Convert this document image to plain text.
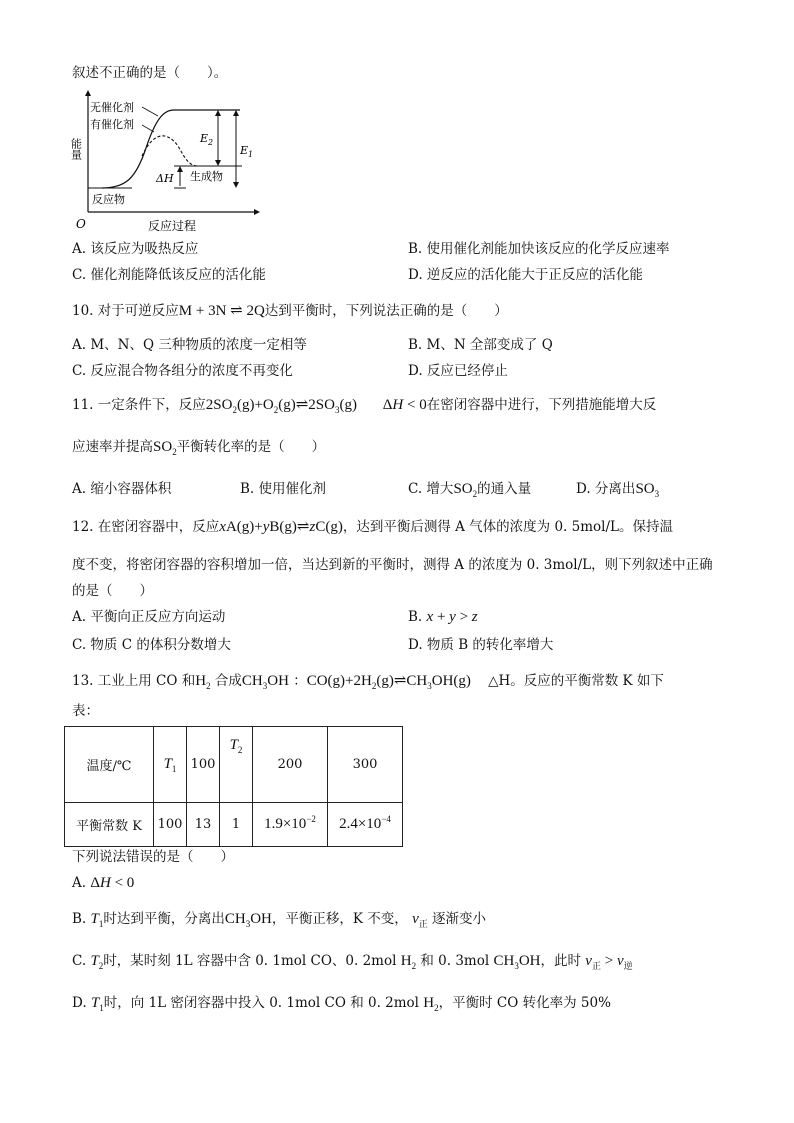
叙述不正确的是（　　）。
无催化剂
有催化剂
反应物
生成物
ΔH
$E_2$
$E_1$
O	反应过程
能量
A. 该反应为吸热反应	B. 使用催化剂能加快该反应的化学反应速率
C. 催化剂能降低该反应的活化能	D. 逆反应的活化能大于正反应的活化能
10. 对于可逆反应M + 3N ⇌ 2Q达到平衡时，下列说法正确的是（　　）
A. M、N、Q 三种物质的浓度一定相等	B. M、N 全部变成了 Q
C. 反应混合物各组分的浓度不再变化	D. 反应已经停止
11. 一定条件下，反应$2SO_2(g)+O_2(g)\rightleftharpoons 2SO_3(g) \Delta H < 0$在密闭容器中进行，下列措施能增大反
应速率并提高$SO_2$平衡转化率的是（　　）
A. 缩小容器体积	B. 使用催化剂	C. 增大$SO_2$的通入量	D. 分离出$SO_3$
12. 在密闭容器中，反应xA(g)+yB(g)⇌zC(g)，达到平衡后测得 A 气体的浓度为 0. 5mol/L。保持温
度不变，将密闭容器的容积增加一倍，当达到新的平衡时，测得 A 的浓度为 0. 3mol/L，则下列叙述中正确
的是（　　）
A. 平衡向正反应方向运动	B. x + y > z
C. 物质 C 的体积分数增大	D. 物质 B 的转化率增大
13. 工业上用 CO 和$H_2$ 合成$CH_3OH$ ：$CO(g)+2H_2(g)\rightleftharpoons CH_3OH(g)$ △H。反应的平衡常数 K 如下
表：
温度/℃	$T_1$	100	$T_2$	200	300
平衡常数 K	100	13	1	$1.9\times 10^{-2}$	$2.4\times 10^{-4}$
下列说法错误的是（　　）
A. ΔH < 0
B. $T_1$时达到平衡，分离出$CH_3OH$，平衡正移，K 不变， $v_正$ 逐渐变小
C. $T_2$时，某时刻 1L 容器中含 0. 1mol CO、0. 2mol $H_2$ 和 0. 3mol $CH_3OH$，此时 $v_正 > v_逆$
D. $T_1$时，向 1L 密闭容器中投入 0. 1mol CO 和 0. 2mol $H_2$，平衡时 CO 转化率为 50%
